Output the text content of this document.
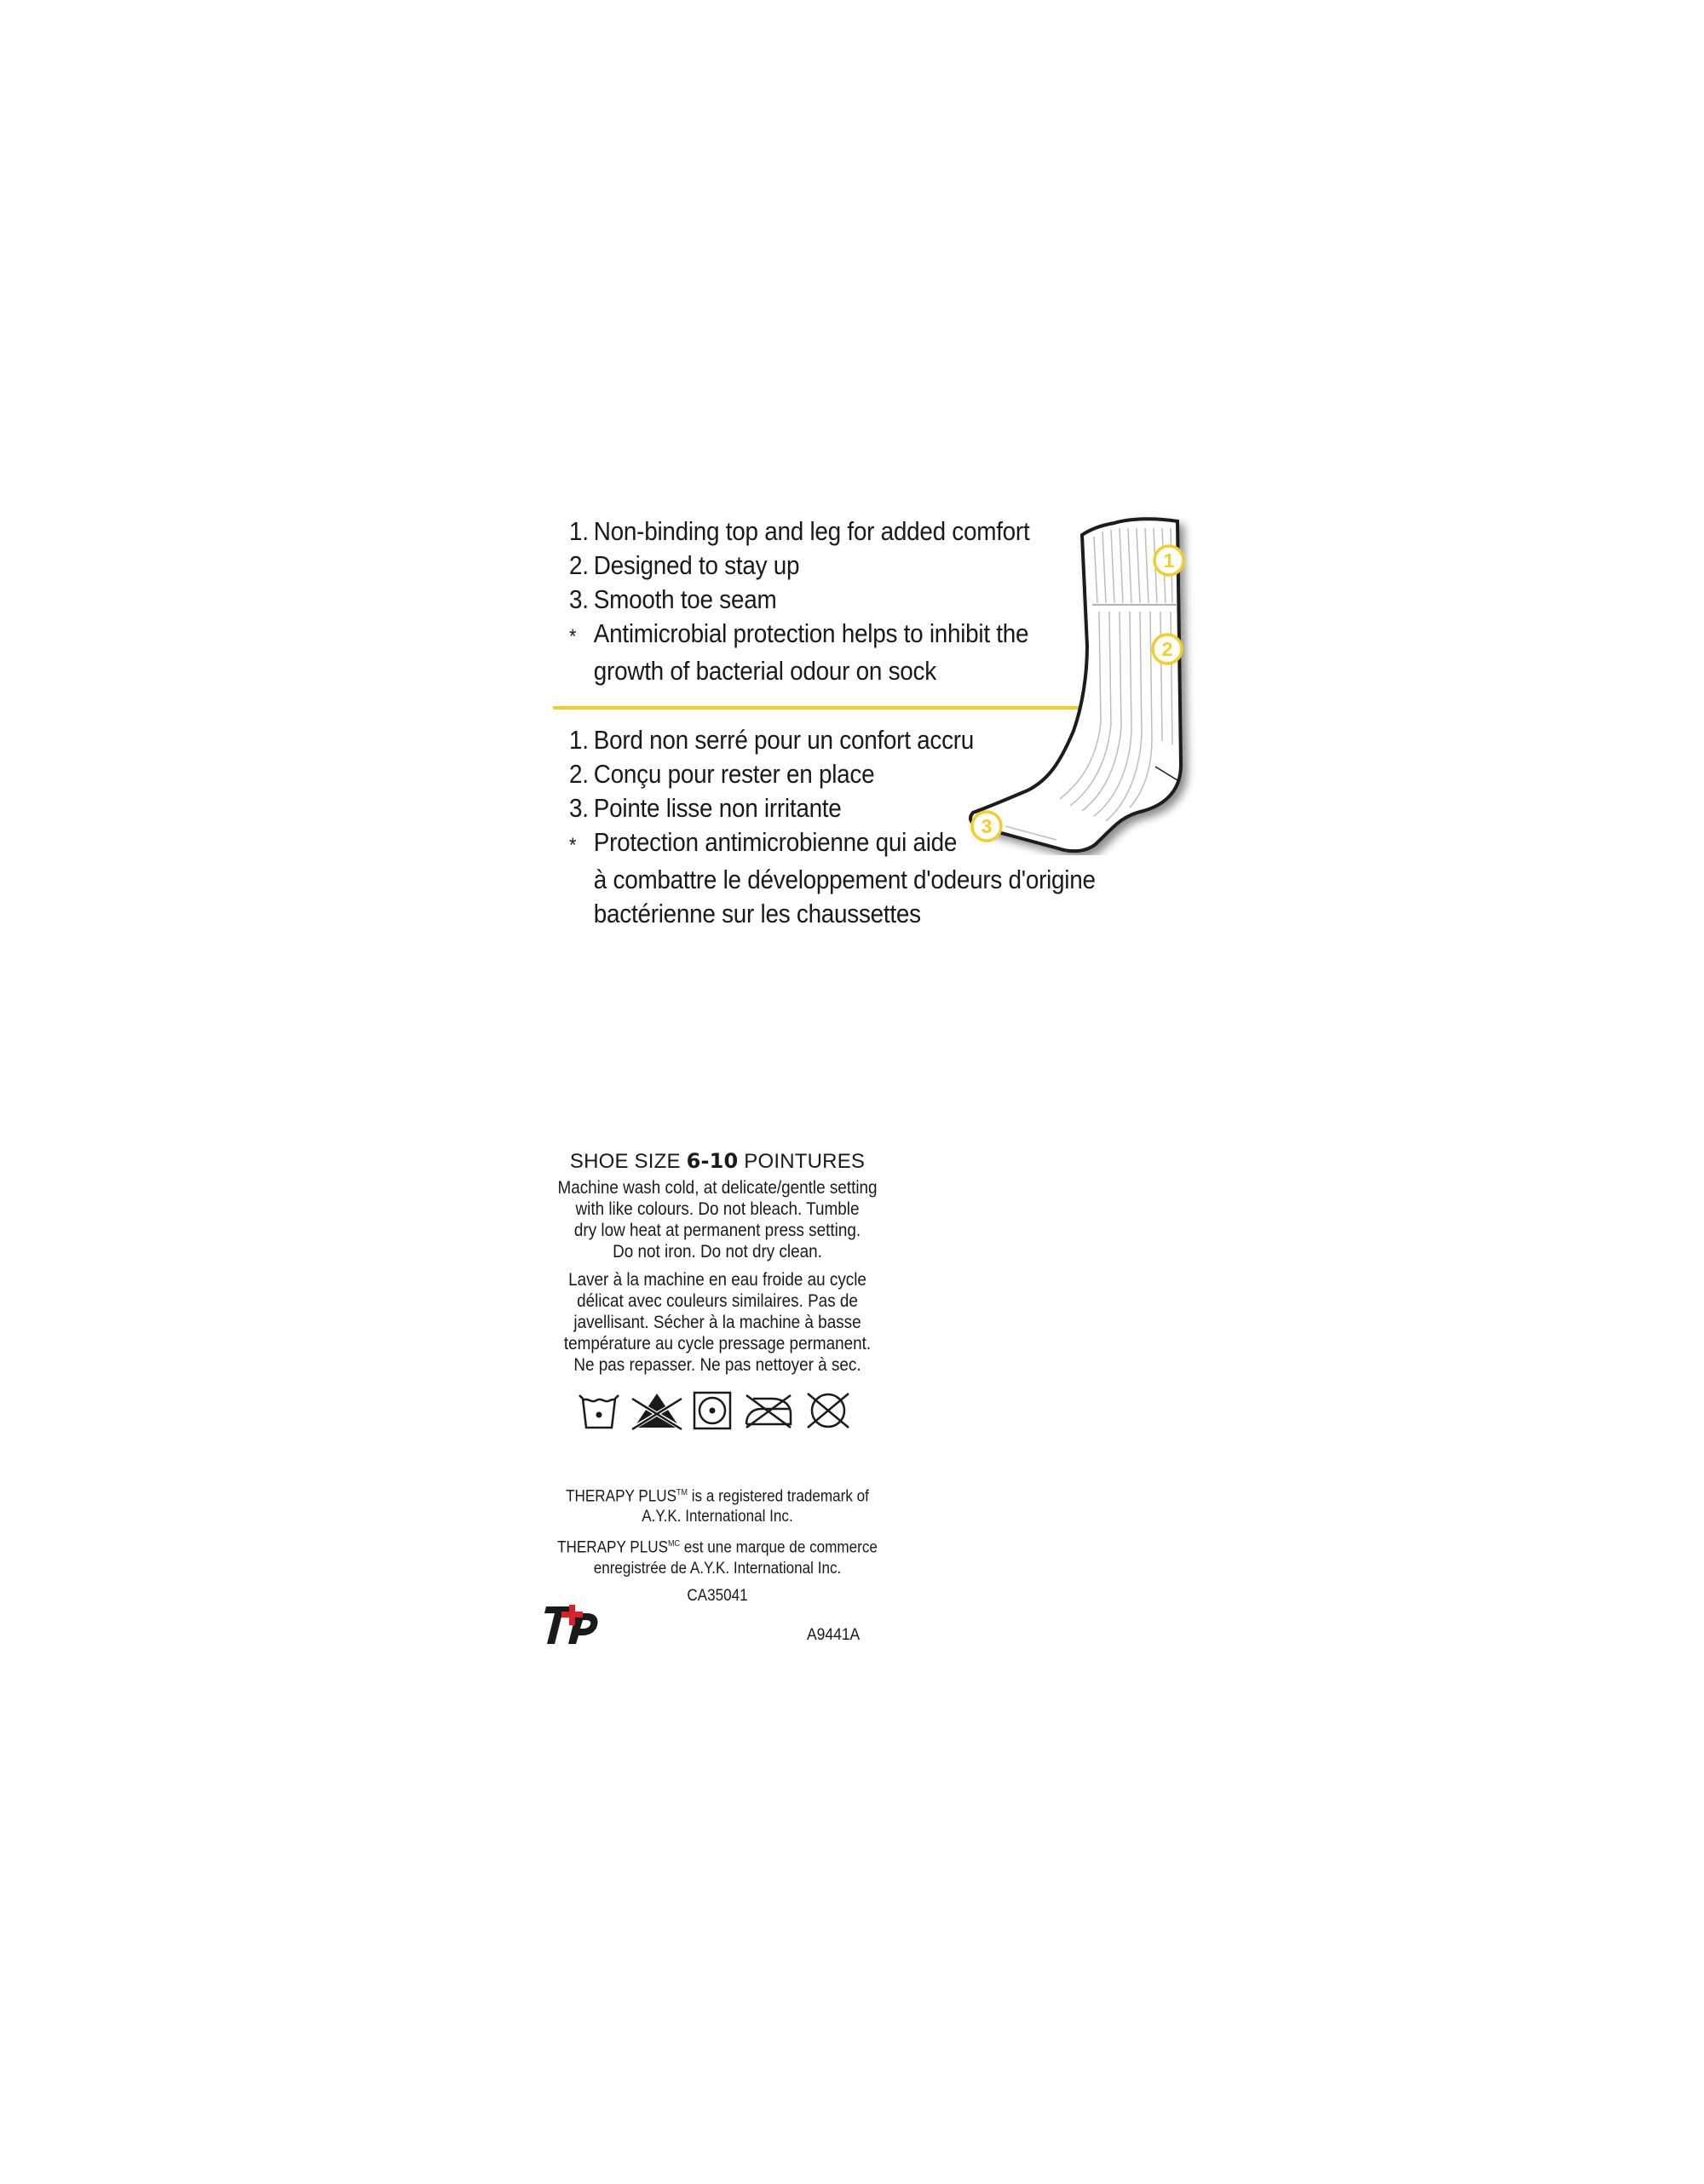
1. Non-binding top and leg for added comfort
2. Designed to stay up
3. Smooth toe seam
* Antimicrobial protection helps to inhibit the
growth of bacterial odour on sock
1. Bord non serré pour un confort accru
2. Conçu pour rester en place
3. Pointe lisse non irritante
* Protection antimicrobienne qui aide
à combattre le développement d'odeurs d'origine
bactérienne sur les chaussettes
1
2
3
SHOE SIZE 6-10 POINTURES
Machine wash cold, at delicate/gentle setting
with like colours. Do not bleach. Tumble
dry low heat at permanent press setting.
Do not iron. Do not dry clean.
Laver à la machine en eau froide au cycle
délicat avec couleurs similaires. Pas de
javellisant. Sécher à la machine à basse
température au cycle pressage permanent.
Ne pas repasser. Ne pas nettoyer à sec.
THERAPY PLUS™ is a registered trademark of
A.Y.K. International Inc.
THERAPY $PLUS^{MC}$ est une marque de commerce
enregistrée de A.Y.K. International Inc.
CA35041
A9441A
